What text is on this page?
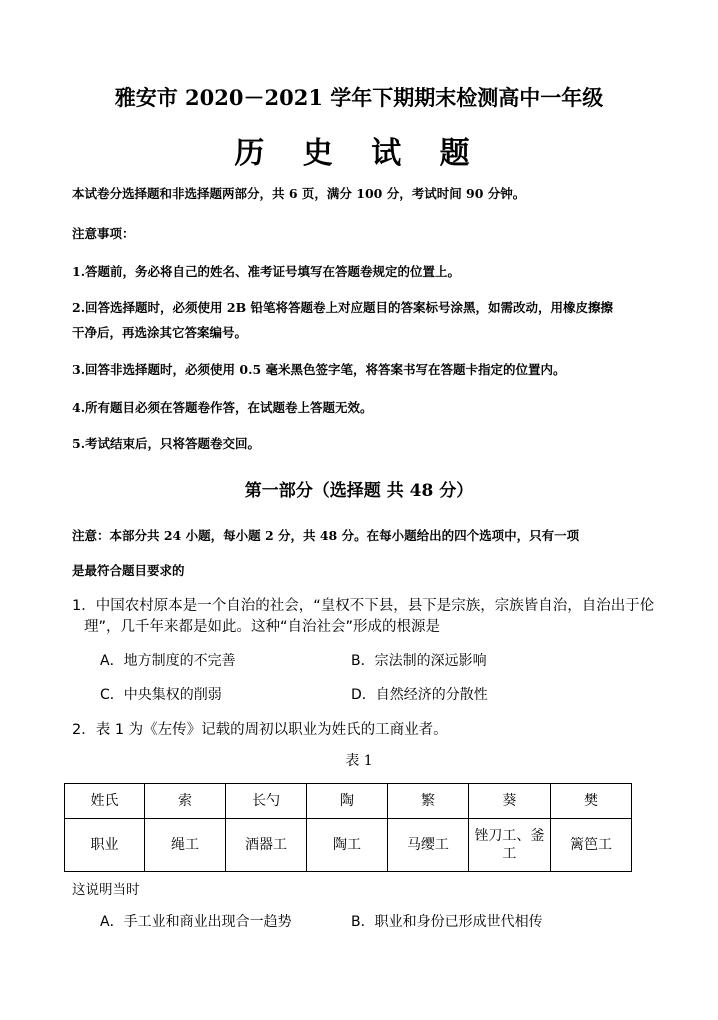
雅安市 2020－2021 学年下期期末检测高中一年级
历 史 试 题
本试卷分选择题和非选择题两部分，共 6 页，满分 100 分，考试时间 90 分钟。
注意事项：
1.答题前，务必将自己的姓名、准考证号填写在答题卷规定的位置上。
2.回答选择题时，必须使用 2B 铅笔将答题卷上对应题目的答案标号涂黑，如需改动，用橡皮擦擦
干净后，再选涂其它答案编号。
3.回答非选择题时，必须使用 0.5 毫米黑色签字笔，将答案书写在答题卡指定的位置内。
4.所有题目必须在答题卷作答，在试题卷上答题无效。
5.考试结束后，只将答题卷交回。
第一部分（选择题 共 48 分）
注意：本部分共 24 小题，每小题 2 分，共 48 分。在每小题给出的四个选项中，只有一项
是最符合题目要求的
1．中国农村原本是一个自治的社会，“皇权不下县，县下是宗族，宗族皆自治，自治出于伦
理”，几千年来都是如此。这种“自治社会”形成的根源是
A．地方制度的不完善	B．宗法制的深远影响
C．中央集权的削弱	D．自然经济的分散性
2．表 1 为《左传》记载的周初以职业为姓氏的工商业者。
表 1
姓氏	索	长勺	陶	繁	葵	樊
职业	绳工	酒器工	陶工	马缨工	锉刀工、釜工	篱笆工
这说明当时
A．手工业和商业出现合一趋势	B．职业和身份已形成世代相传
